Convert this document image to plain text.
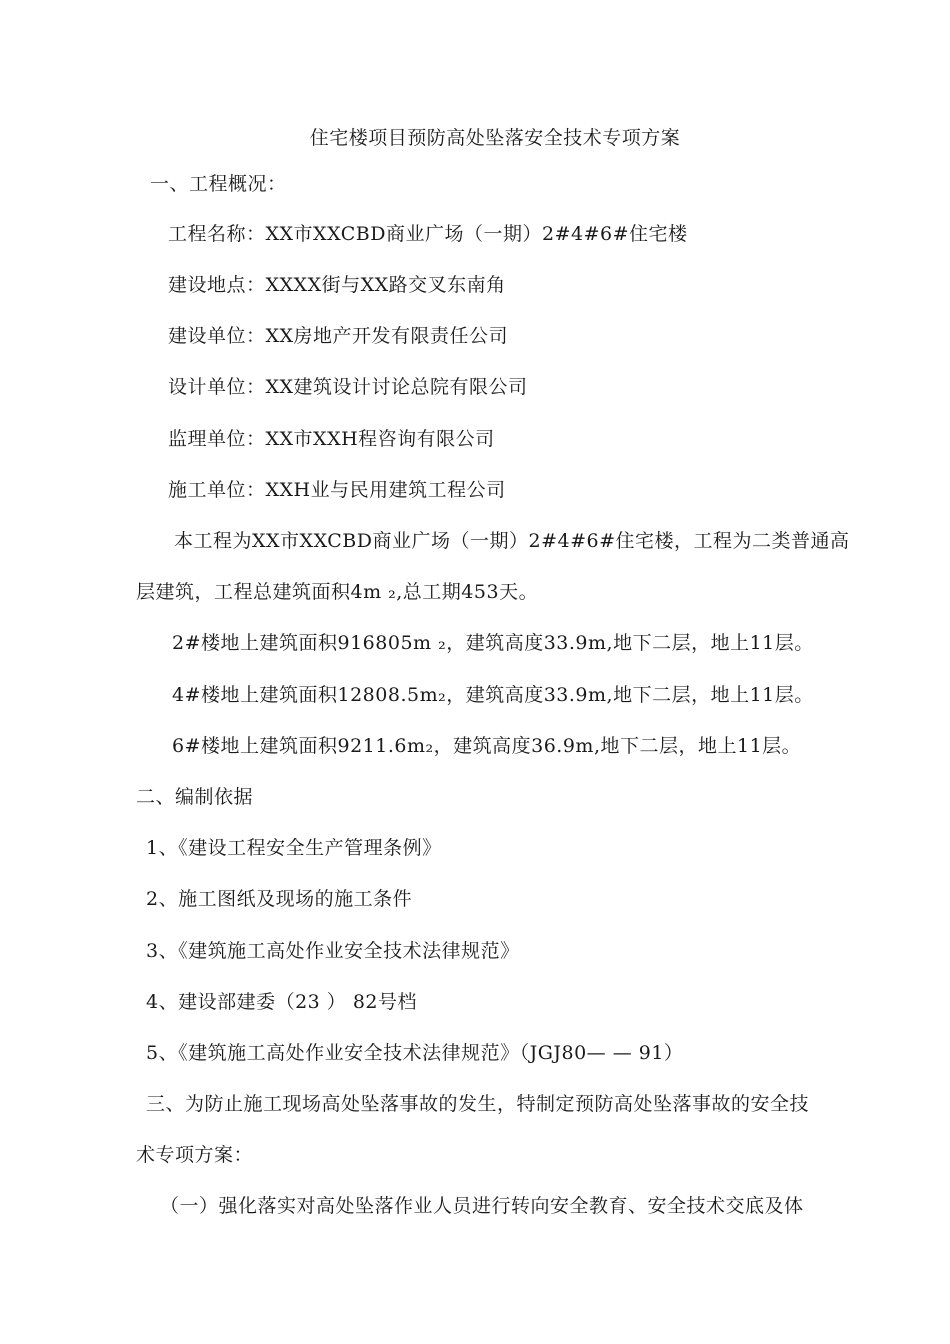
住宅楼项目预防高处坠落安全技术专项方案
一、工程概况：
工程名称：XX市XXCBD商业广场（一期）2#4#6#住宅楼
建设地点：XXXX街与XX路交叉东南角
建设单位：XX房地产开发有限责任公司
设计单位：XX建筑设计讨论总院有限公司
监理单位：XX市XXH程咨询有限公司
施工单位：XXH业与民用建筑工程公司
本工程为XX市XXCBD商业广场（一期）2#4#6#住宅楼，工程为二类普通高
层建筑，工程总建筑面积4m ₂,总工期453天。
2#楼地上建筑面积916805m ₂，建筑高度33.9m,地下二层，地上11层。
4#楼地上建筑面积12808.5m₂，建筑高度33.9m,地下二层，地上11层。
6#楼地上建筑面积9211.6m₂，建筑高度36.9m,地下二层，地上11层。
二、编制依据
1、《建设工程安全生产管理条例》
2、施工图纸及现场的施工条件
3、《建筑施工高处作业安全技术法律规范》
4、建设部建委（23 ） 82号档
5、《建筑施工高处作业安全技术法律规范》（JGJ80— — 91）
三、为防止施工现场高处坠落事故的发生，特制定预防高处坠落事故的安全技
术专项方案：
（一）强化落实对高处坠落作业人员进行转向安全教育、安全技术交底及体
